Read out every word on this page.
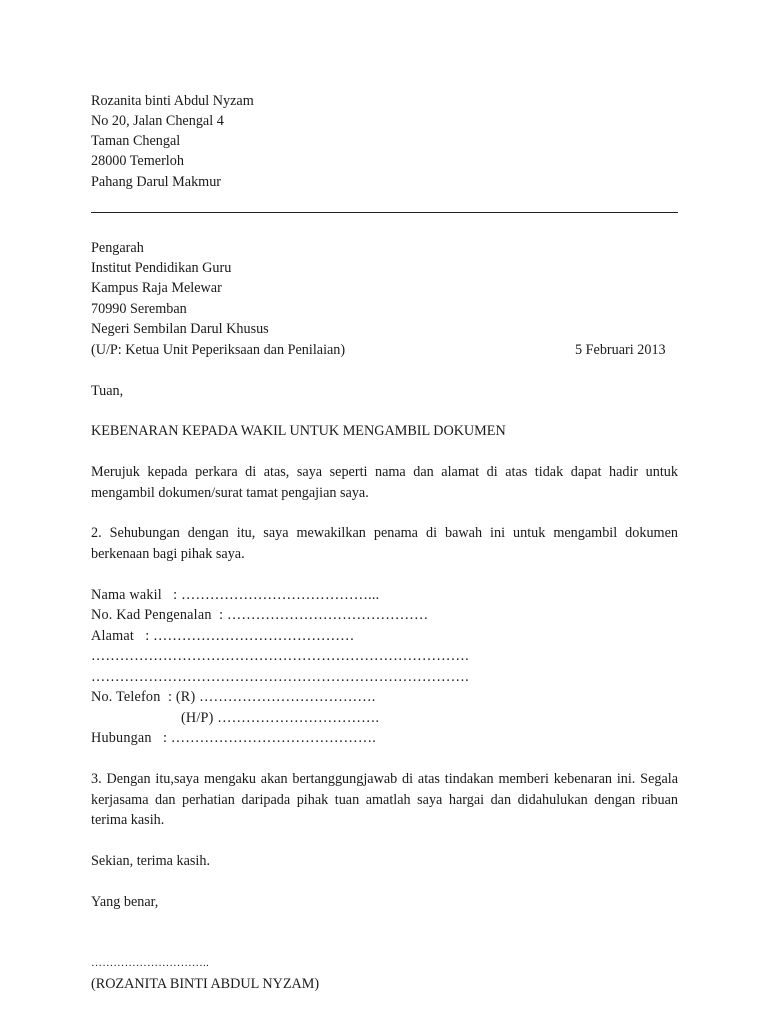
Rozanita binti Abdul Nyzam
No 20, Jalan Chengal 4
Taman Chengal
28000 Temerloh
Pahang Darul Makmur
Pengarah
Institut Pendidikan Guru
Kampus Raja Melewar
70990 Seremban
Negeri Sembilan Darul Khusus
(U/P: Ketua Unit Peperiksaan dan Penilaian)	5 Februari 2013
Tuan,
KEBENARAN KEPADA WAKIL UNTUK MENGAMBIL DOKUMEN
Merujuk kepada perkara di atas, saya seperti nama dan alamat di atas tidak dapat hadir untuk mengambil dokumen/surat tamat pengajian saya.
2. Sehubungan dengan itu, saya mewakilkan penama di bawah ini untuk mengambil dokumen berkenaan bagi pihak saya.
Nama wakil   : …………………………………...
No. Kad Pengenalan  : ……………………………………
Alamat   : ……………………………………
…………………………………………………………………….
…………………………………………………………………….
No. Telefon  : (R) ……………………………….
(H/P) …………………………….
Hubungan   : …………………………………….
3. Dengan itu,saya mengaku akan bertanggungjawab di atas tindakan memberi kebenaran ini. Segala kerjasama dan perhatian daripada pihak tuan amatlah saya hargai dan didahulukan dengan ribuan terima kasih.
Sekian, terima kasih.
Yang benar,
…………………………..
(ROZANITA BINTI ABDUL NYZAM)
